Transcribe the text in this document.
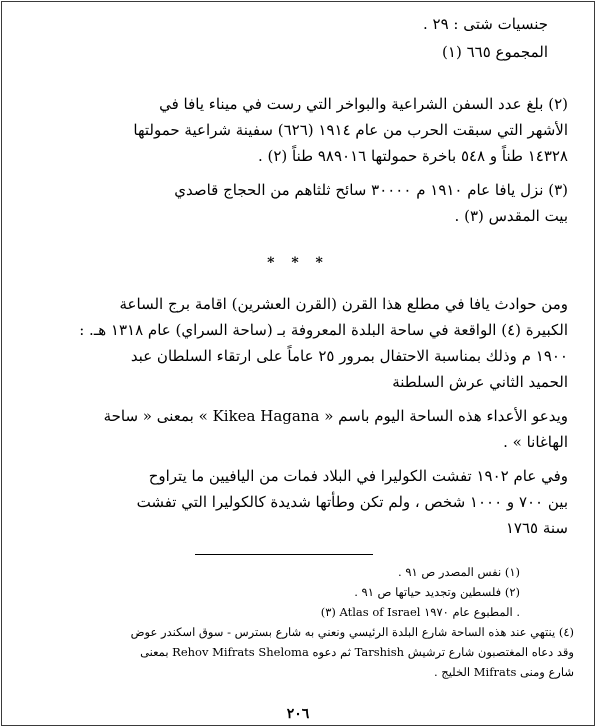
جنسيات شتى : ٢٩ .
المجموع ٦٦٥ (١)
(٢) بلغ عدد السفن الشراعية والبواخر التي رست في ميناء يافا في
الأشهر التي سبقت الحرب من عام ١٩١٤ (٦٢٦) سفينة شراعية حمولتها
١٤٣٢٨ طناً و ٥٤٨ باخرة حمولتها ٩٨٩٠١٦ طناً (٢) .
(٣) نزل يافا عام ١٩١٠ م ٣٠٠٠٠ سائح ثلثاهم من الحجاج قاصدي
بيت المقدس (٣) .
* * *
ومن حوادث يافا في مطلع هذا القرن (القرن العشرين) اقامة برج الساعة
الكبيرة (٤) الواقعة في ساحة البلدة المعروفة بـ (ساحة السراي) عام ١٣١٨ هـ. :
١٩٠٠ م وذلك بمناسبة الاحتفال بمرور ٢٥ عاماً على ارتقاء السلطان عبد
الحميد الثاني عرش السلطنة
ويدعو الأعداء هذه الساحة اليوم باسم « Kikea Hagana » بمعنى « ساحة
الهاغانا » .
وفي عام ١٩٠٢ تفشت الكوليرا في البلاد فمات من اليافيين ما يتراوح
بين ٧٠٠ و ١٠٠٠ شخص ، ولم تكن وطأتها شديدة كالكوليرا التي تفشت
سنة ١٧٦٥
(١) نفس المصدر ص ٩١ .
(٢) فلسطين وتجديد حياتها ص ٩١ .
(٣) Atlas of Israel المطبوع عام ١٩٧٠ .
(٤) ينتهي عند هذه الساحة شارع البلدة الرئيسي ونعني به شارع بسترس - سوق اسكندر عوض
وقد دعاه المغتصبون شارع ترشيش Tarshish ثم دعوه Rehov Mifrats Sheloma بمعنى
شارع ومنى Mifrats الخليج .
٢٠٦
